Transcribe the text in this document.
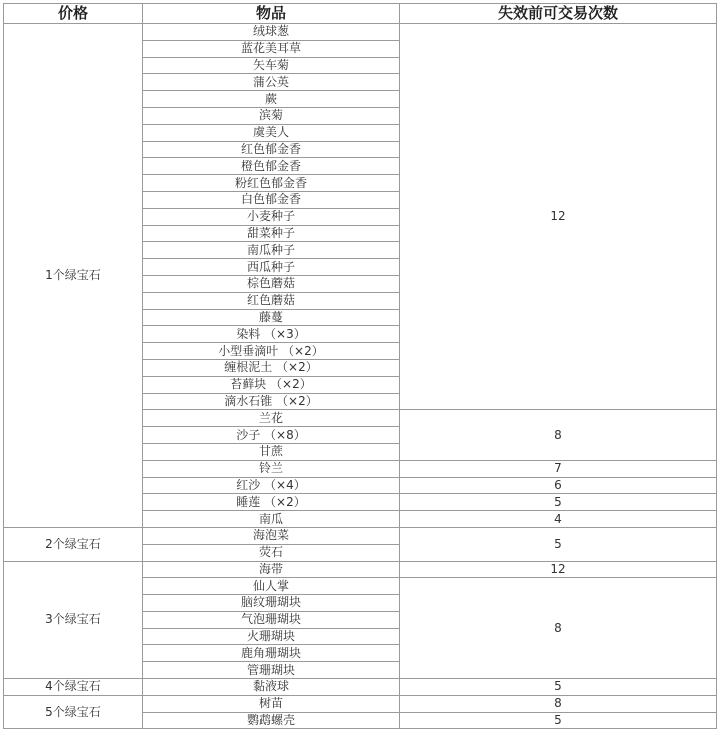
价格	物品	失效前可交易次数
1个绿宝石	绒球葱	12
	蓝花美耳草	
	矢车菊	
	蒲公英	
	蕨	
	滨菊	
	虞美人	
	红色郁金香	
	橙色郁金香	
	粉红色郁金香	
	白色郁金香	
	小麦种子	
	甜菜种子	
	南瓜种子	
	西瓜种子	
	棕色蘑菇	
	红色蘑菇	
	藤蔓	
	染料 （×3）	
	小型垂滴叶 （×2）	
	缠根泥土 （×2）	
	苔藓块 （×2）	
	滴水石锥 （×2）	
	兰花	8
	沙子 （×8）	
	甘蔗	
	铃兰	7
	红沙 （×4）	6
	睡莲 （×2）	5
	南瓜	4
2个绿宝石	海泡菜	5
	荧石	
3个绿宝石	海带	12
	仙人掌	8
	脑纹珊瑚块	
	气泡珊瑚块	
	火珊瑚块	
	鹿角珊瑚块	
	管珊瑚块	
4个绿宝石	黏液球	5
5个绿宝石	树苗	8
	鹦鹉螺壳	5
